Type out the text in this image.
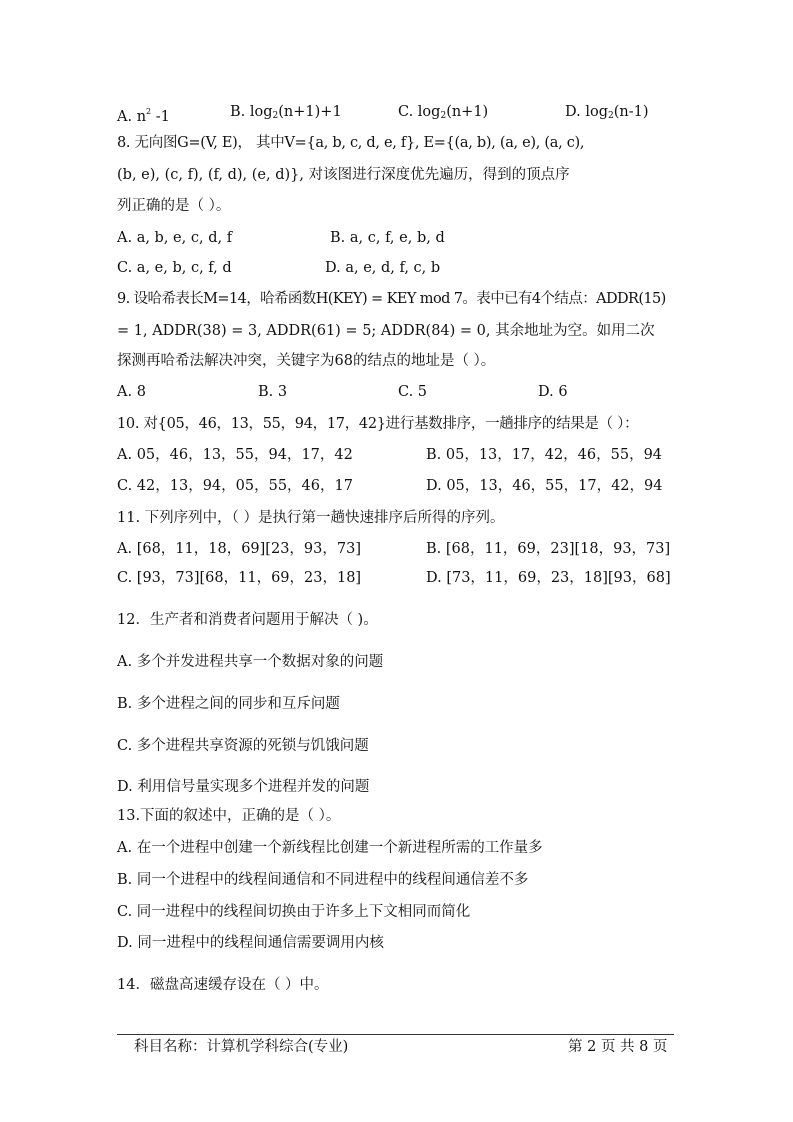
A. $n^2$ -1	B. $\log_2(n+1)+1$	C. $\log_2(n+1)$	D. $\log_2(n-1)$
8. 无向图G=(V, E)， 其中V={a, b, c, d, e, f}, E={(a, b), (a, e), (a, c),
(b, e), (c, f), (f, d), (e, d)}, 对该图进行深度优先遍历，得到的顶点序
列正确的是（ ）。
A. a, b, e, c, d, f	B. a, c, f, e, b, d
C. a, e, b, c, f, d	D. a, e, d, f, c, b
9. 设哈希表长M=14，哈希函数H(KEY) = KEY mod 7。表中已有4个结点：ADDR(15)
= 1, ADDR(38) = 3, ADDR(61) = 5; ADDR(84) = 0, 其余地址为空。如用二次
探测再哈希法解决冲突，关键字为68的结点的地址是（ ）。
A. 8	B. 3	C. 5	D. 6
10. 对{05，46，13，55，94，17，42}进行基数排序，一趟排序的结果是（ ）：
A. 05，46，13，55，94，17，42	B. 05，13，17，42，46，55，94
C. 42，13，94，05，55，46，17	D. 05，13，46，55，17，42，94
11. 下列序列中，（ ）是执行第一趟快速排序后所得的序列。
A. [68，11，18，69][23，93，73]	B. [68，11，69，23][18，93，73]
C. [93，73][68，11，69，23，18]	D. [73，11，69，23，18][93，68]
12．生产者和消费者问题用于解决（ )。
A. 多个并发进程共享一个数据对象的问题
B. 多个进程之间的同步和互斥问题
C. 多个进程共享资源的死锁与饥饿问题
D. 利用信号量实现多个进程并发的问题
13.下面的叙述中，正确的是（ ）。
A. 在一个进程中创建一个新线程比创建一个新进程所需的工作量多
B. 同一个进程中的线程间通信和不同进程中的线程间通信差不多
C. 同一进程中的线程间切换由于许多上下文相同而简化
D. 同一进程中的线程间通信需要调用内核
14．磁盘高速缓存设在（ ）中。
科目名称：计算机学科综合(专业)	第 2 页 共 8 页
